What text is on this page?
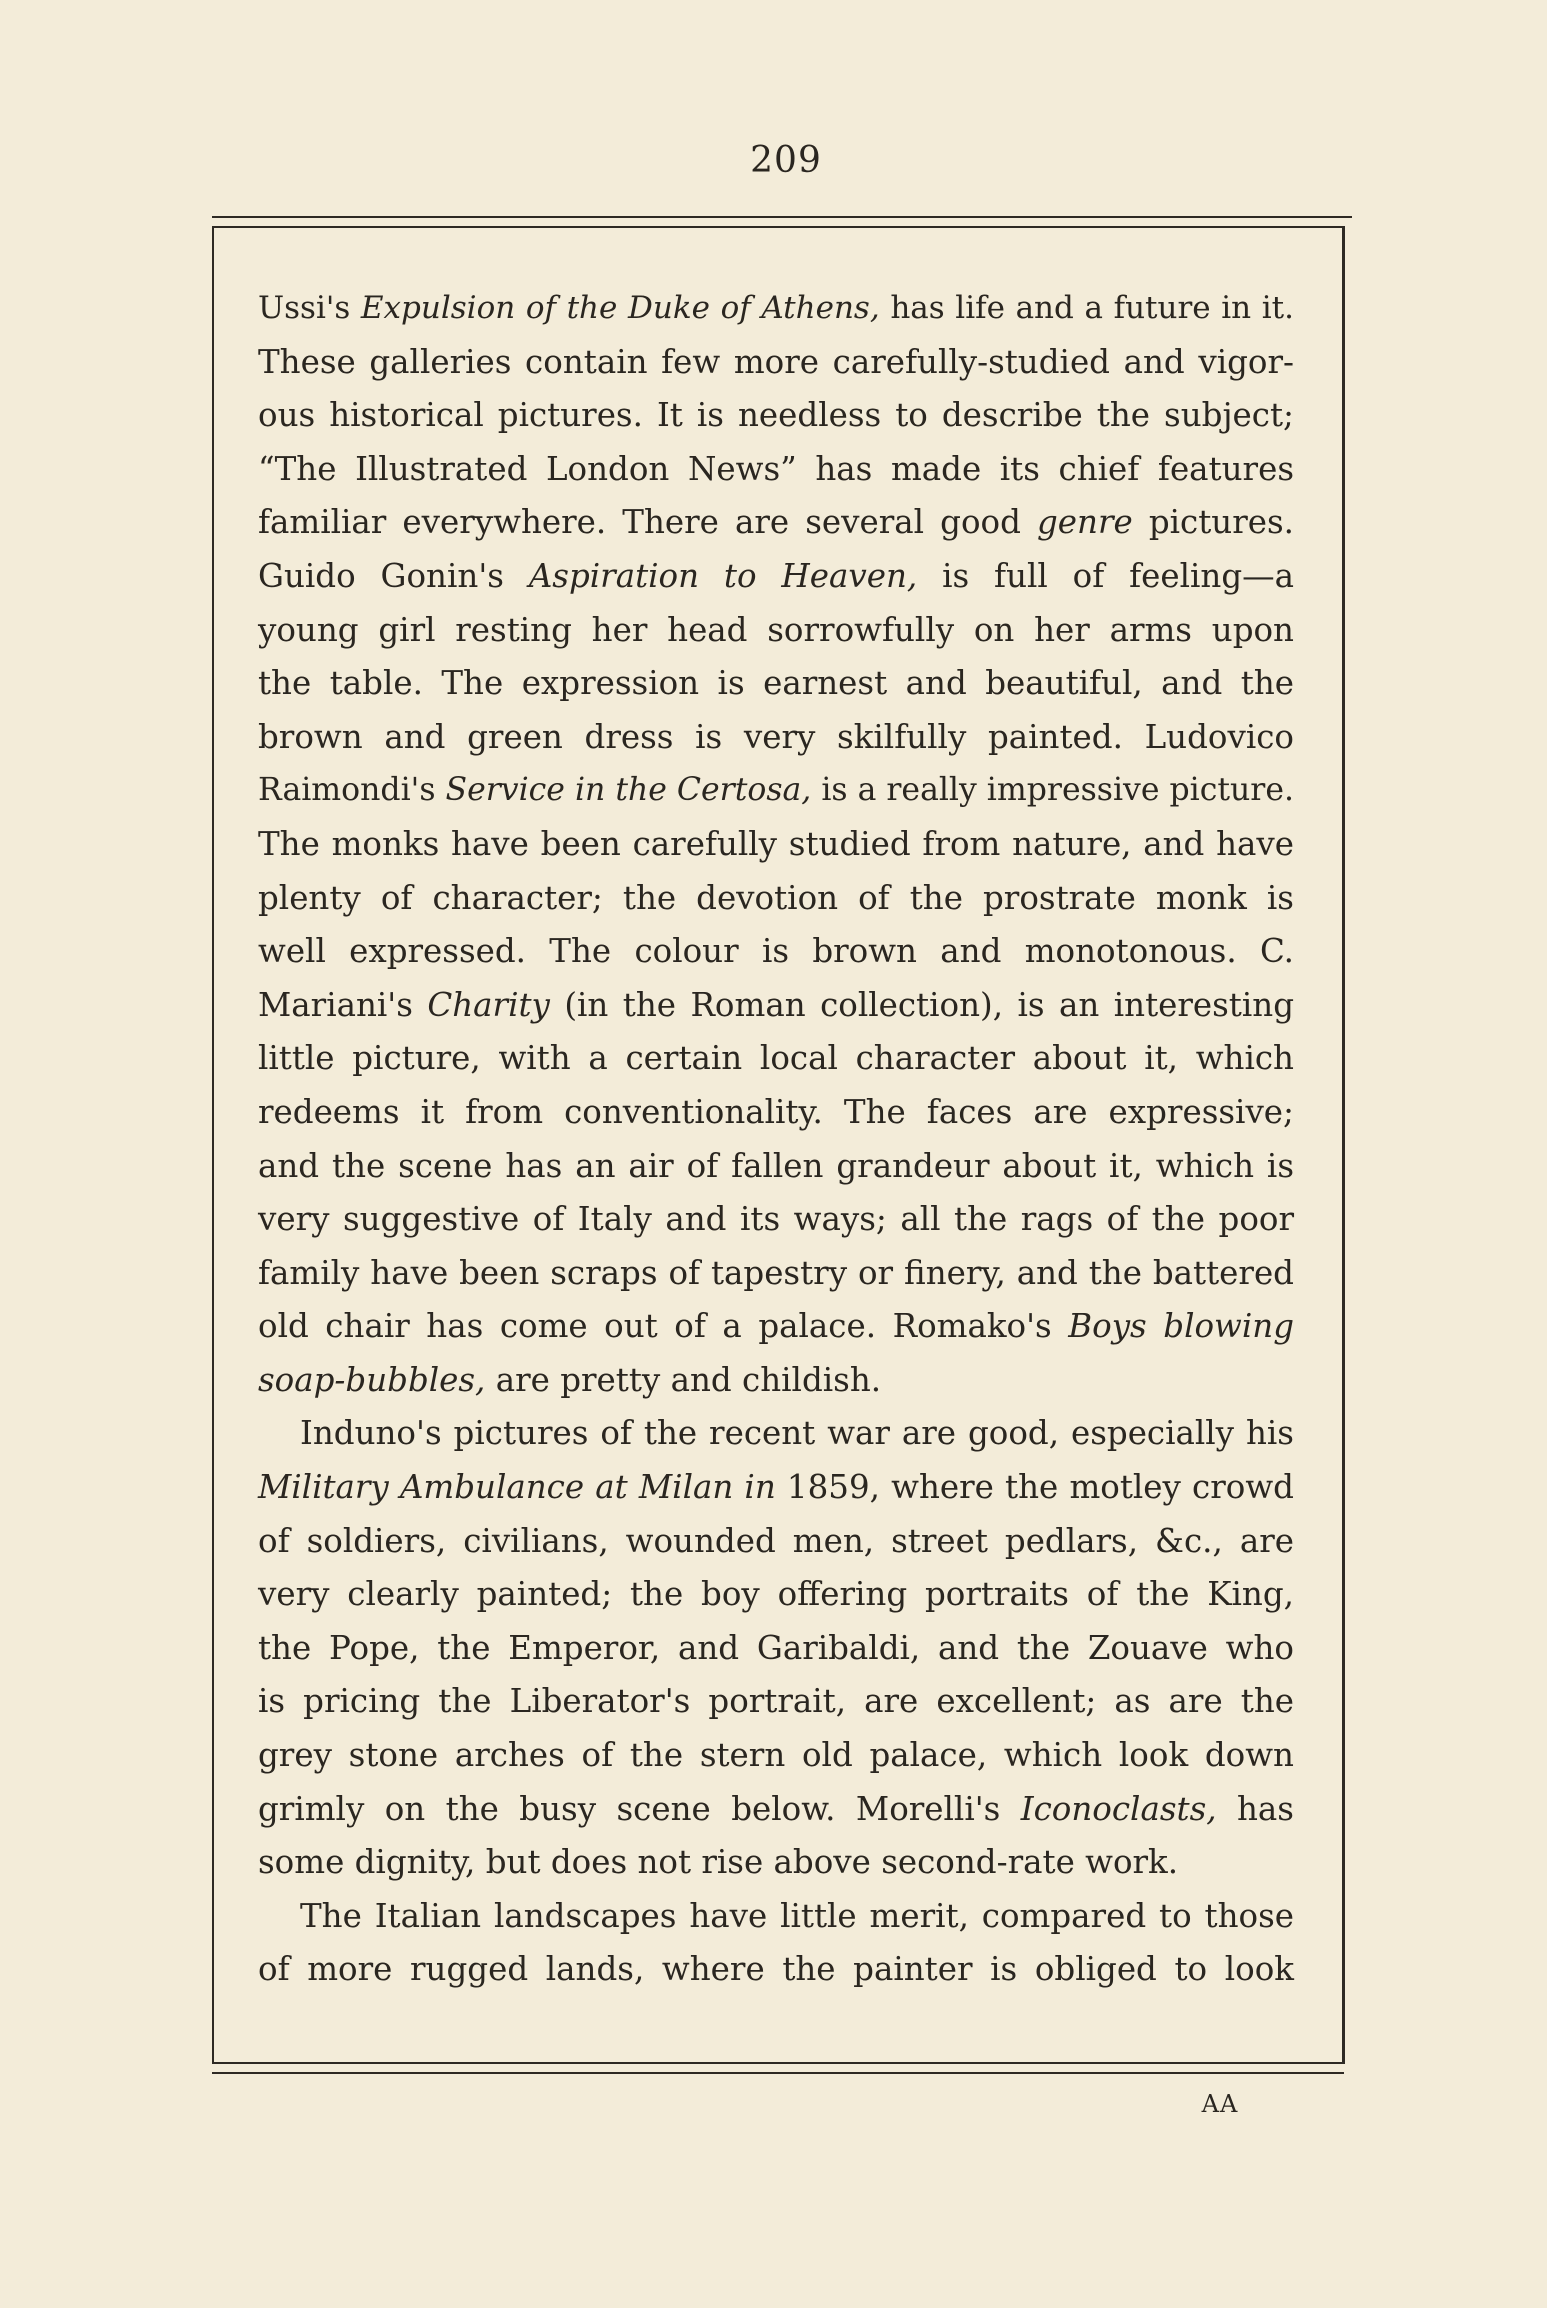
209
Ussi's Expulsion of the Duke of Athens, has life and a future in it.
These galleries contain few more carefully-studied and vigor-
ous historical pictures. It is needless to describe the subject;
“The Illustrated London News” has made its chief features
familiar everywhere. There are several good genre pictures.
Guido Gonin's Aspiration to Heaven, is full of feeling—a
young girl resting her head sorrowfully on her arms upon
the table. The expression is earnest and beautiful, and the
brown and green dress is very skilfully painted. Ludovico
Raimondi's Service in the Certosa, is a really impressive picture.
The monks have been carefully studied from nature, and have
plenty of character; the devotion of the prostrate monk is
well expressed. The colour is brown and monotonous. C.
Mariani's Charity (in the Roman collection), is an interesting
little picture, with a certain local character about it, which
redeems it from conventionality. The faces are expressive;
and the scene has an air of fallen grandeur about it, which is
very suggestive of Italy and its ways; all the rags of the poor
family have been scraps of tapestry or finery, and the battered
old chair has come out of a palace. Romako's Boys blowing
soap-bubbles, are pretty and childish.
Induno's pictures of the recent war are good, especially his
Military Ambulance at Milan in 1859, where the motley crowd
of soldiers, civilians, wounded men, street pedlars, &c., are
very clearly painted; the boy offering portraits of the King,
the Pope, the Emperor, and Garibaldi, and the Zouave who
is pricing the Liberator's portrait, are excellent; as are the
grey stone arches of the stern old palace, which look down
grimly on the busy scene below. Morelli's Iconoclasts, has
some dignity, but does not rise above second-rate work.
The Italian landscapes have little merit, compared to those
of more rugged lands, where the painter is obliged to look
AA
